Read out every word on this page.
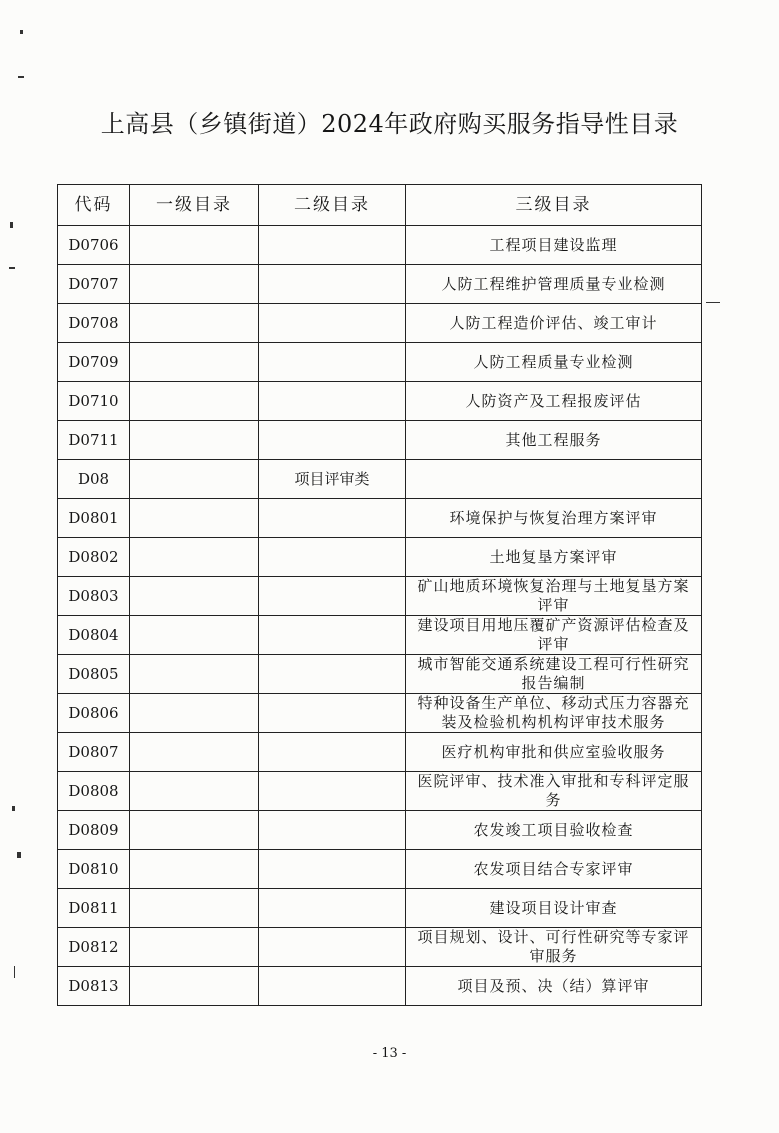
上高县（乡镇街道）2024年政府购买服务指导性目录
代码	一级目录	二级目录	三级目录
D0706			工程项目建设监理
D0707			人防工程维护管理质量专业检测
D0708			人防工程造价评估、竣工审计
D0709			人防工程质量专业检测
D0710			人防资产及工程报废评估
D0711			其他工程服务
D08		项目评审类	
D0801			环境保护与恢复治理方案评审
D0802			土地复垦方案评审
D0803			矿山地质环境恢复治理与土地复垦方案评审
D0804			建设项目用地压覆矿产资源评估检查及评审
D0805			城市智能交通系统建设工程可行性研究报告编制
D0806			特种设备生产单位、移动式压力容器充装及检验机构机构评审技术服务
D0807			医疗机构审批和供应室验收服务
D0808			医院评审、技术准入审批和专科评定服务
D0809			农发竣工项目验收检查
D0810			农发项目结合专家评审
D0811			建设项目设计审查
D0812			项目规划、设计、可行性研究等专家评审服务
D0813			项目及预、决（结）算评审
- 13 -
